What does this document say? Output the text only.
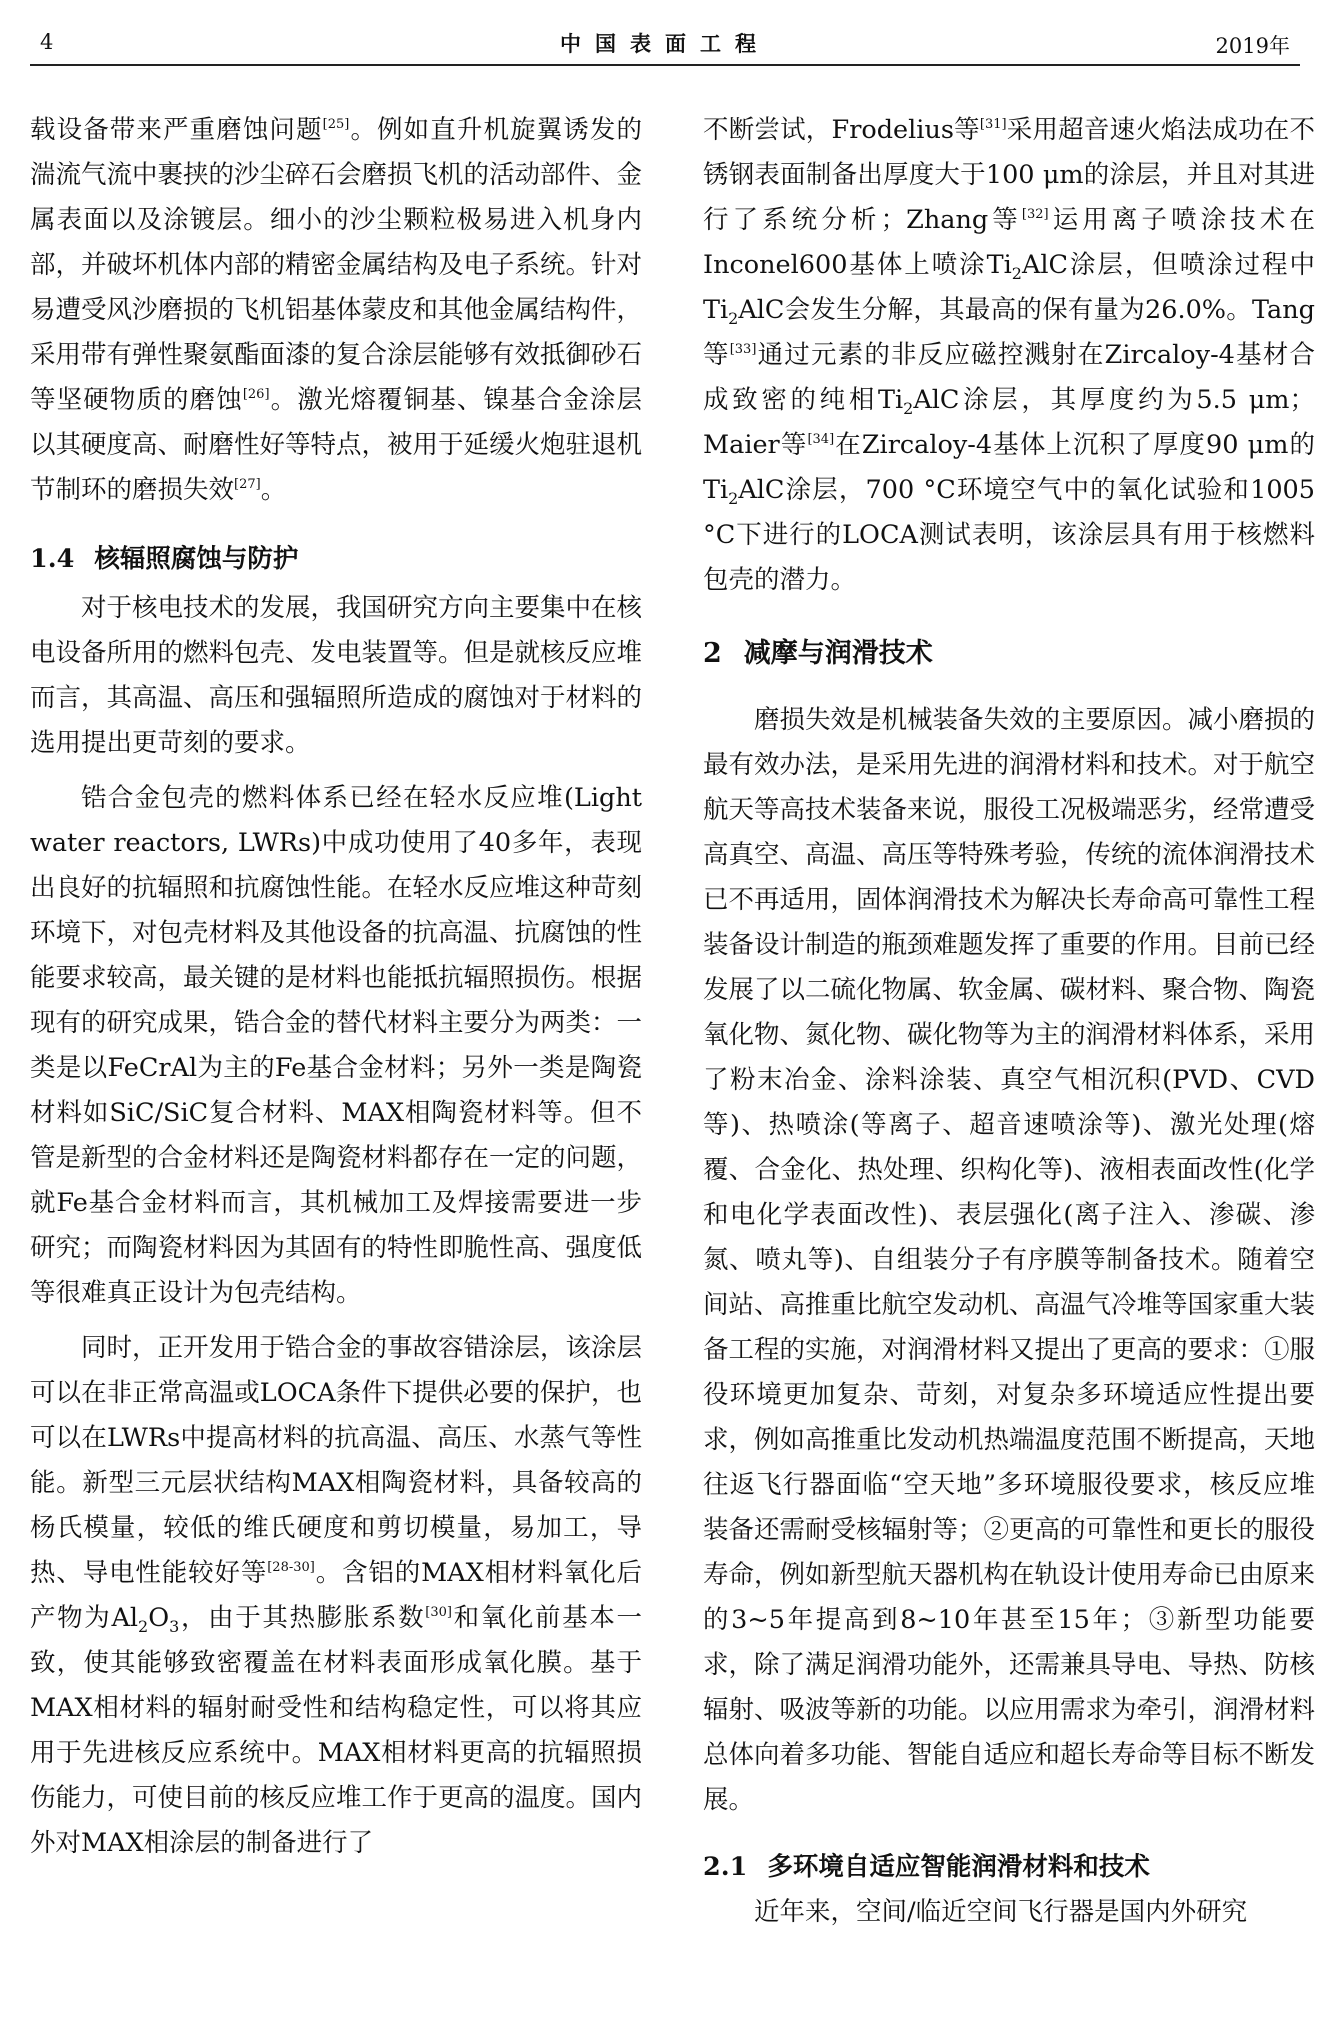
4	中国表面工程	2019年

载设备带来严重磨蚀问题[25]。例如直升机旋翼诱发的湍流气流中裹挟的沙尘碎石会磨损飞机的活动部件、金属表面以及涂镀层。细小的沙尘颗粒极易进入机身内部，并破坏机体内部的精密金属结构及电子系统。针对易遭受风沙磨损的飞机铝基体蒙皮和其他金属结构件，采用带有弹性聚氨酯面漆的复合涂层能够有效抵御砂石等坚硬物质的磨蚀[26]。激光熔覆铜基、镍基合金涂层以其硬度高、耐磨性好等特点，被用于延缓火炮驻退机节制环的磨损失效[27]。

1.4 核辐照腐蚀与防护

对于核电技术的发展，我国研究方向主要集中在核电设备所用的燃料包壳、发电装置等。但是就核反应堆而言，其高温、高压和强辐照所造成的腐蚀对于材料的选用提出更苛刻的要求。

锆合金包壳的燃料体系已经在轻水反应堆(Light water reactors, LWRs)中成功使用了40多年，表现出良好的抗辐照和抗腐蚀性能。在轻水反应堆这种苛刻环境下，对包壳材料及其他设备的抗高温、抗腐蚀的性能要求较高，最关键的是材料也能抵抗辐照损伤。根据现有的研究成果，锆合金的替代材料主要分为两类：一类是以FeCrAl为主的Fe基合金材料；另外一类是陶瓷材料如SiC/SiC复合材料、MAX相陶瓷材料等。但不管是新型的合金材料还是陶瓷材料都存在一定的问题，就Fe基合金材料而言，其机械加工及焊接需要进一步研究；而陶瓷材料因为其固有的特性即脆性高、强度低等很难真正设计为包壳结构。

同时，正开发用于锆合金的事故容错涂层，该涂层可以在非正常高温或LOCA条件下提供必要的保护，也可以在LWRs中提高材料的抗高温、高压、水蒸气等性能。新型三元层状结构MAX相陶瓷材料，具备较高的杨氏模量，较低的维氏硬度和剪切模量，易加工，导热、导电性能较好等[28-30]。含铝的MAX相材料氧化后产物为$Al_2O_3$，由于其热膨胀系数[30]和氧化前基本一致，使其能够致密覆盖在材料表面形成氧化膜。基于MAX相材料的辐射耐受性和结构稳定性，可以将其应用于先进核反应系统中。MAX相材料更高的抗辐照损伤能力，可使目前的核反应堆工作于更高的温度。国内外对MAX相涂层的制备进行了

不断尝试，Frodelius等[31]采用超音速火焰法成功在不锈钢表面制备出厚度大于100 μm的涂层，并且对其进行了系统分析；Zhang等[32]运用离子喷涂技术在Inconel600基体上喷涂$Ti_2AlC$涂层，但喷涂过程中$Ti_2AlC$会发生分解，其最高的保有量为26.0%。Tang等[33]通过元素的非反应磁控溅射在Zircaloy-4基材合成致密的纯相$Ti_2AlC$涂层，其厚度约为5.5 μm；Maier等[34]在Zircaloy-4基体上沉积了厚度90 μm的$Ti_2AlC$涂层，700 °C环境空气中的氧化试验和1005 °C下进行的LOCA测试表明，该涂层具有用于核燃料包壳的潜力。

2 减摩与润滑技术

磨损失效是机械装备失效的主要原因。减小磨损的最有效办法，是采用先进的润滑材料和技术。对于航空航天等高技术装备来说，服役工况极端恶劣，经常遭受高真空、高温、高压等特殊考验，传统的流体润滑技术已不再适用，固体润滑技术为解决长寿命高可靠性工程装备设计制造的瓶颈难题发挥了重要的作用。目前已经发展了以二硫化物属、软金属、碳材料、聚合物、陶瓷氧化物、氮化物、碳化物等为主的润滑材料体系，采用了粉末冶金、涂料涂装、真空气相沉积(PVD、CVD等)、热喷涂(等离子、超音速喷涂等)、激光处理(熔覆、合金化、热处理、织构化等)、液相表面改性(化学和电化学表面改性)、表层强化(离子注入、渗碳、渗氮、喷丸等)、自组装分子有序膜等制备技术。随着空间站、高推重比航空发动机、高温气冷堆等国家重大装备工程的实施，对润滑材料又提出了更高的要求：①服役环境更加复杂、苛刻，对复杂多环境适应性提出要求，例如高推重比发动机热端温度范围不断提高，天地往返飞行器面临“空天地”多环境服役要求，核反应堆装备还需耐受核辐射等；②更高的可靠性和更长的服役寿命，例如新型航天器机构在轨设计使用寿命已由原来的3~5年提高到8~10年甚至15年；③新型功能要求，除了满足润滑功能外，还需兼具导电、导热、防核辐射、吸波等新的功能。以应用需求为牵引，润滑材料总体向着多功能、智能自适应和超长寿命等目标不断发展。

2.1 多环境自适应智能润滑材料和技术

近年来，空间/临近空间飞行器是国内外研究
